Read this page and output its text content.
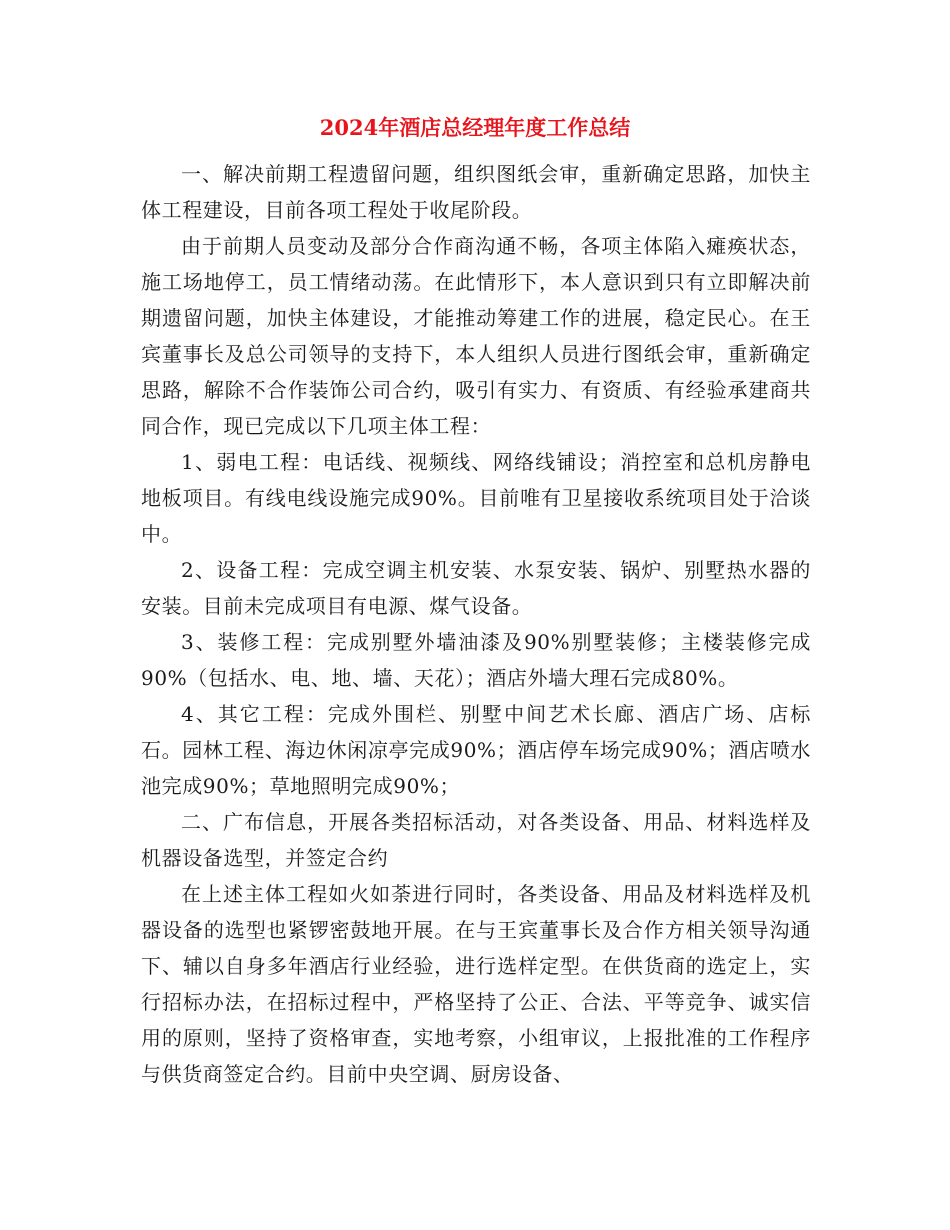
2024年酒店总经理年度工作总结

一、解决前期工程遗留问题，组织图纸会审，重新确定思路，加快主体工程建设，目前各项工程处于收尾阶段。

由于前期人员变动及部分合作商沟通不畅，各项主体陷入瘫痪状态，施工场地停工，员工情绪动荡。在此情形下，本人意识到只有立即解决前期遗留问题，加快主体建设，才能推动筹建工作的进展，稳定民心。在王宾董事长及总公司领导的支持下，本人组织人员进行图纸会审，重新确定思路，解除不合作装饰公司合约，吸引有实力、有资质、有经验承建商共同合作，现已完成以下几项主体工程：

1、弱电工程：电话线、视频线、网络线铺设；消控室和总机房静电地板项目。有线电线设施完成90%。目前唯有卫星接收系统项目处于洽谈中。

2、设备工程：完成空调主机安装、水泵安装、锅炉、别墅热水器的安装。目前未完成项目有电源、煤气设备。

3、装修工程：完成别墅外墙油漆及90%别墅装修；主楼装修完成90%（包括水、电、地、墙、天花）；酒店外墙大理石完成80%。

4、其它工程：完成外围栏、别墅中间艺术长廊、酒店广场、店标石。园林工程、海边休闲凉亭完成90%；酒店停车场完成90%；酒店喷水池完成90%；草地照明完成90%；

二、广布信息，开展各类招标活动，对各类设备、用品、材料选样及机器设备选型，并签定合约

在上述主体工程如火如荼进行同时，各类设备、用品及材料选样及机器设备的选型也紧锣密鼓地开展。在与王宾董事长及合作方相关领导沟通下、辅以自身多年酒店行业经验，进行选样定型。在供货商的选定上，实行招标办法，在招标过程中，严格坚持了公正、合法、平等竞争、诚实信用的原则，坚持了资格审查，实地考察，小组审议，上报批准的工作程序与供货商签定合约。目前中央空调、厨房设备、
